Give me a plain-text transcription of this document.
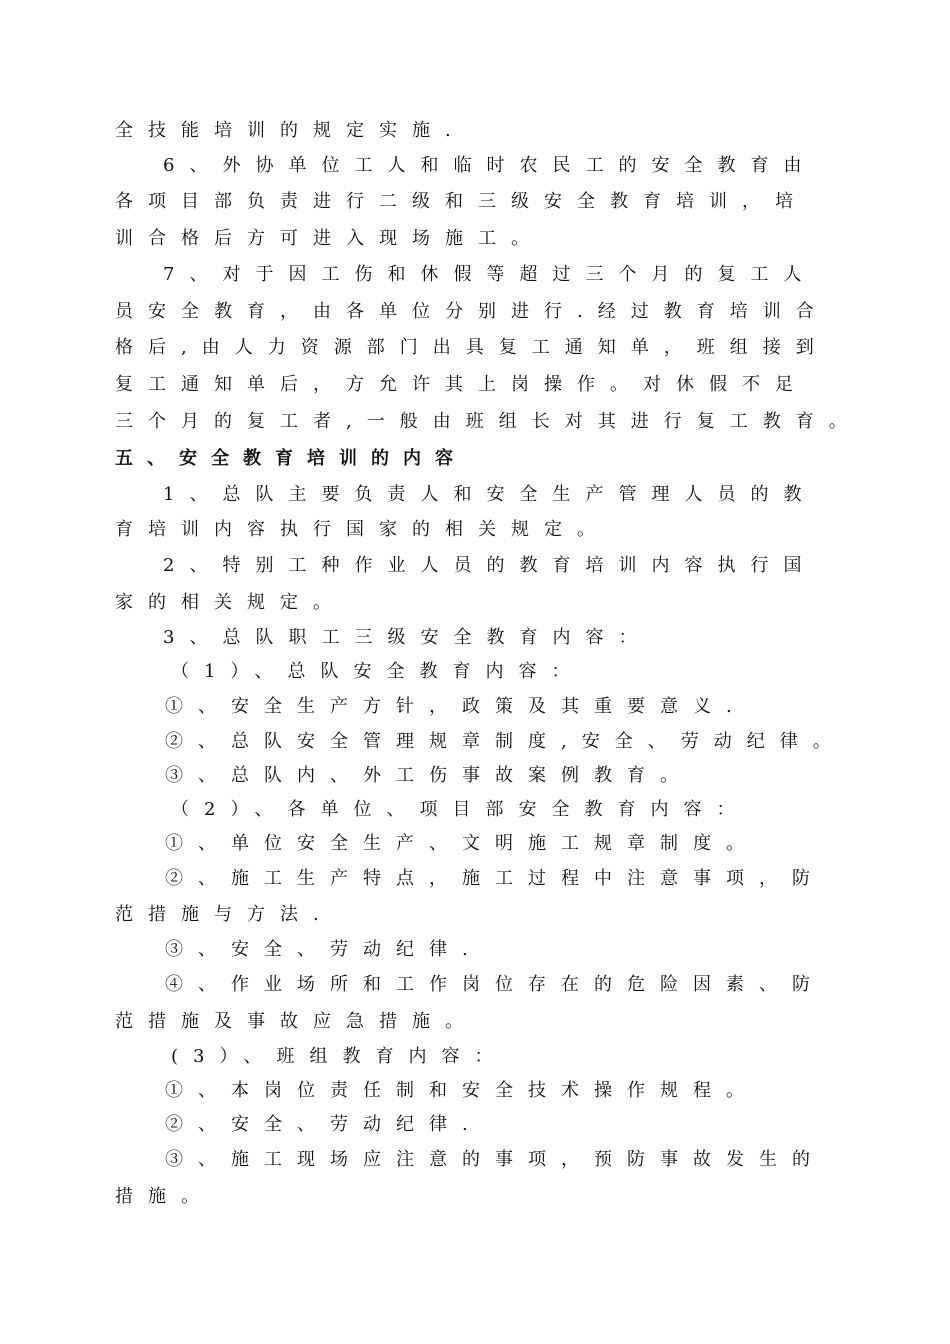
全技能培训的规定实施.
6、外协单位工人和临时农民工的安全教育由
各项目部负责进行二级和三级安全教育培训，培
训合格后方可进入现场施工。
7、对于因工伤和休假等超过三个月的复工人
员安全教育，由各单位分别进行.经过教育培训合
格后,由人力资源部门出具复工通知单，班组接到
复工通知单后，方允许其上岗操作。对休假不足
三个月的复工者,一般由班组长对其进行复工教育。
五、安全教育培训的内容
1、总队主要负责人和安全生产管理人员的教
育培训内容执行国家的相关规定。
2、特别工种作业人员的教育培训内容执行国
家的相关规定。
3、总队职工三级安全教育内容：
（1）、总队安全教育内容：
①、安全生产方针，政策及其重要意义.
②、总队安全管理规章制度,安全、劳动纪律。
③、总队内、外工伤事故案例教育。
（2）、各单位、项目部安全教育内容：
①、单位安全生产、文明施工规章制度。
②、施工生产特点，施工过程中注意事项，防
范措施与方法.
③、安全、劳动纪律.
④、作业场所和工作岗位存在的危险因素、防
范措施及事故应急措施。
(3）、班组教育内容：
①、本岗位责任制和安全技术操作规程。
②、安全、劳动纪律.
③、施工现场应注意的事项，预防事故发生的
措施。
